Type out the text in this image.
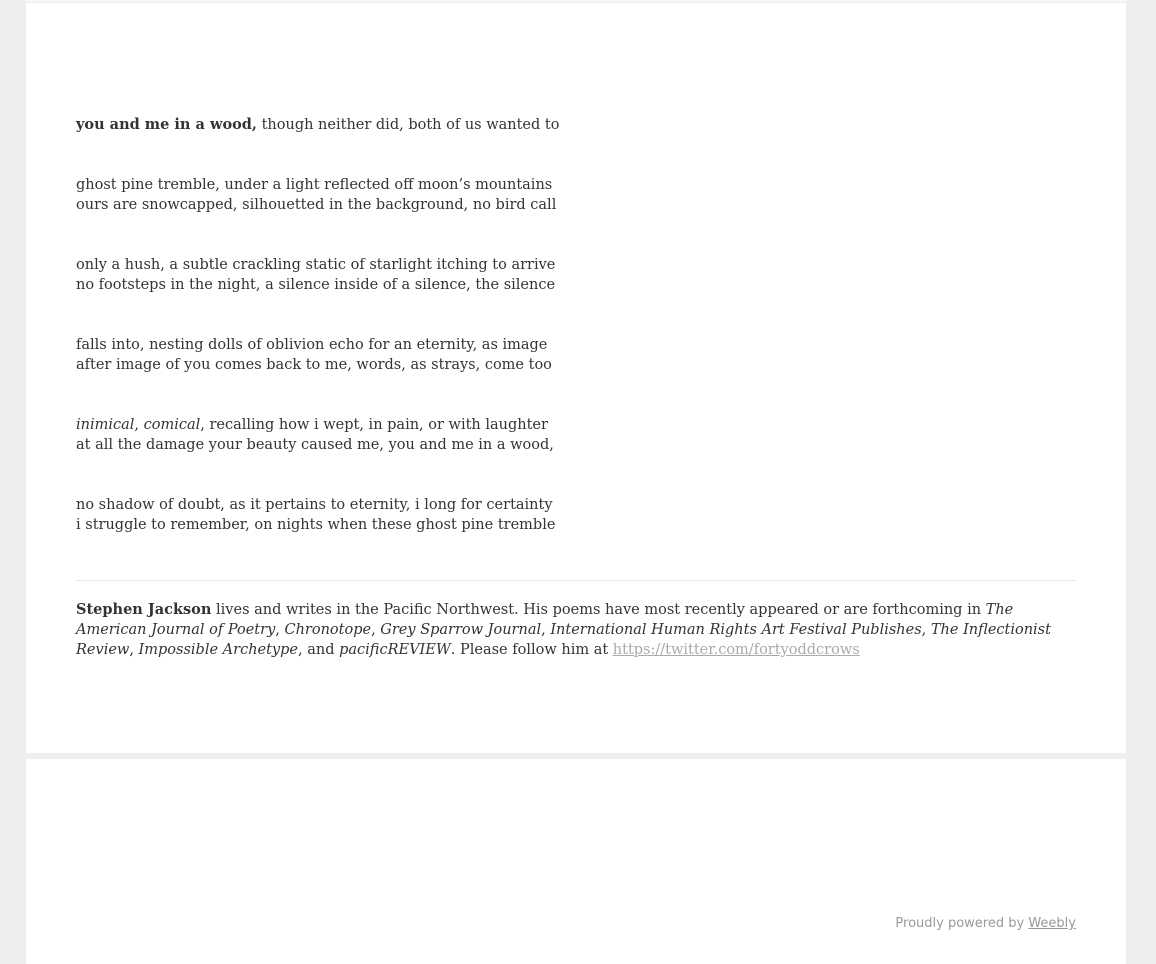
you and me in a wood, though neither did, both of us wanted to
ghost pine tremble, under a light reflected off moon’s mountains
ours are snowcapped, silhouetted in the background, no bird call
only a hush, a subtle crackling static of starlight itching to arrive
no footsteps in the night, a silence inside of a silence, the silence
falls into, nesting dolls of oblivion echo for an eternity, as image
after image of you comes back to me, words, as strays, come too
inimical, comical, recalling how i wept, in pain, or with laughter
at all the damage your beauty caused me, you and me in a wood,
no shadow of doubt, as it pertains to eternity, i long for certainty
i struggle to remember, on nights when these ghost pine tremble
Stephen Jackson lives and writes in the Pacific Northwest. His poems have most recently appeared or are forthcoming in The American Journal of Poetry, Chronotope, Grey Sparrow Journal, International Human Rights Art Festival Publishes, The Inflectionist Review, Impossible Archetype, and pacificREVIEW. Please follow him at https://twitter.com/fortyoddcrows
Proudly powered by Weebly
